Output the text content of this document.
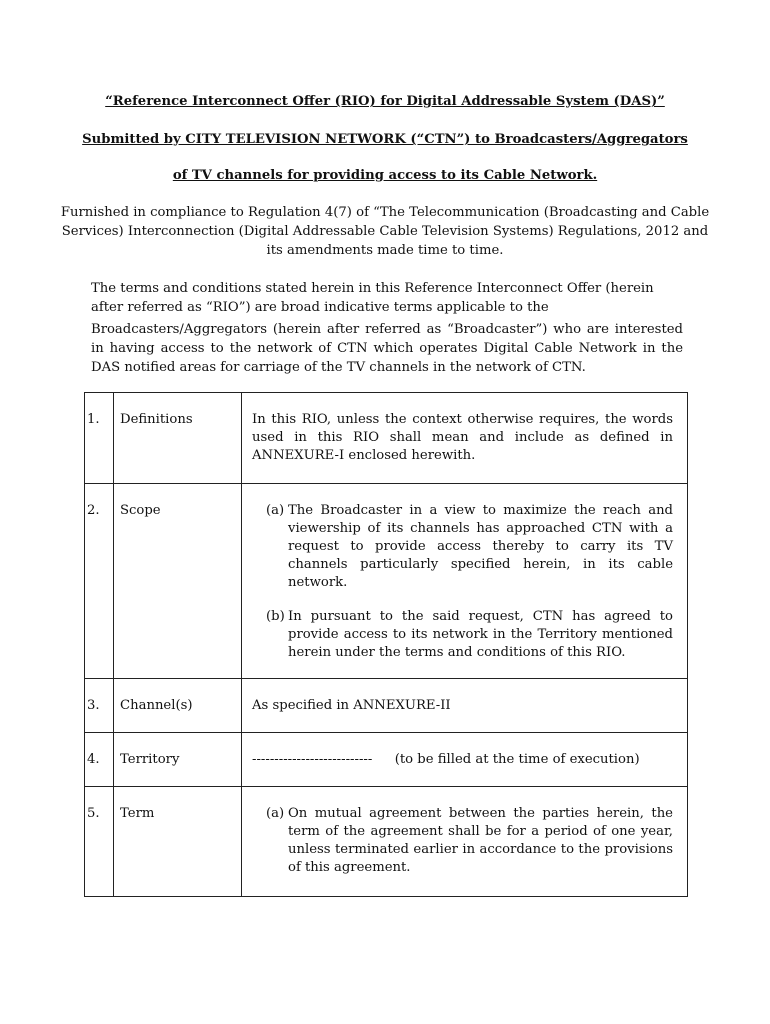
“Reference Interconnect Offer (RIO) for Digital Addressable System (DAS)”
Submitted by CITY TELEVISION NETWORK (“CTN”) to Broadcasters/Aggregators
of TV channels for providing access to its Cable Network.
Furnished in compliance to Regulation 4(7) of “The Telecommunication (Broadcasting and Cable Services) Interconnection (Digital Addressable Cable Television Systems) Regulations, 2012 and its amendments made time to time.
The terms and conditions stated herein in this Reference Interconnect Offer (herein after referred as “RIO”) are broad indicative terms applicable to the
Broadcasters/Aggregators (herein after referred as “Broadcaster”) who are interested in having access to the network of CTN which operates Digital Cable Network in the DAS notified areas for carriage of the TV channels in the network of CTN.
1.	Definitions	In this RIO, unless the context otherwise requires, the words used in this RIO shall mean and include as defined in ANNEXURE-I enclosed herewith.
2.	Scope	(a) The Broadcaster in a view to maximize the reach and viewership of its channels has approached CTN with a request to provide access thereby to carry its TV channels particularly specified herein, in its cable network.
(b) In pursuant to the said request, CTN has agreed to provide access to its network in the Territory mentioned herein under the terms and conditions of this RIO.

3.	Channel(s)	As specified in ANNEXURE-II
4.	Territory	--------------------------- (to be filled at the time of execution)
5.	Term	(a) On mutual agreement between the parties herein, the term of the agreement shall be for a period of one year, unless terminated earlier in accordance to the provisions of this agreement.
